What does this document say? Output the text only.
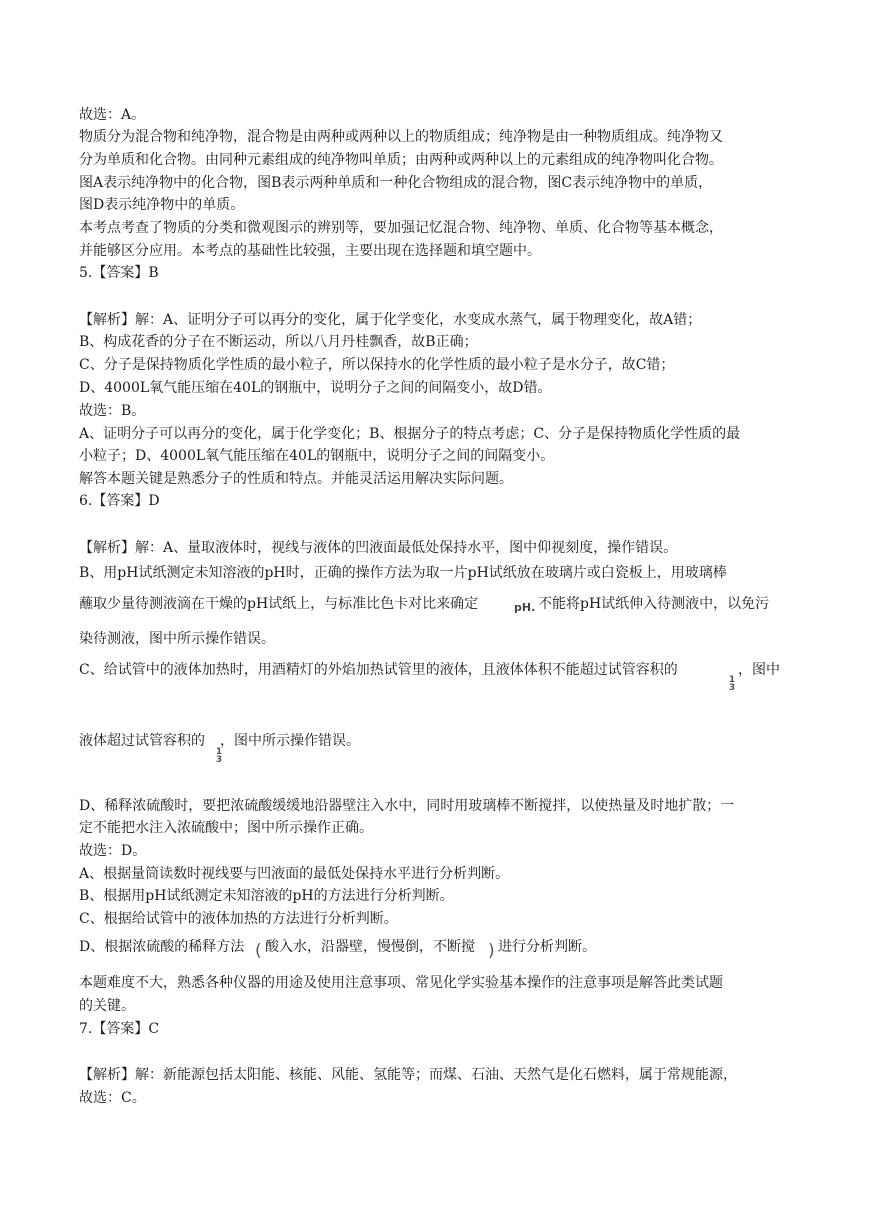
故选：A。
物质分为混合物和纯净物，混合物是由两种或两种以上的物质组成；纯净物是由一种物质组成。纯净物又
分为单质和化合物。由同种元素组成的纯净物叫单质；由两种或两种以上的元素组成的纯净物叫化合物。
图A表示纯净物中的化合物，图B表示两种单质和一种化合物组成的混合物，图C表示纯净物中的单质，
图D表示纯净物中的单质。
本考点考查了物质的分类和微观图示的辨别等，要加强记忆混合物、纯净物、单质、化合物等基本概念，
并能够区分应用。本考点的基础性比较强，主要出现在选择题和填空题中。
5.【答案】B
【解析】解：A、证明分子可以再分的变化，属于化学变化，水变成水蒸气，属于物理变化，故A错；
B、构成花香的分子在不断运动，所以八月丹桂飘香，故B正确；
C、分子是保持物质化学性质的最小粒子，所以保持水的化学性质的最小粒子是水分子，故C错；
D、4000L氧气能压缩在40L的钢瓶中，说明分子之间的间隔变小，故D错。
故选：B。
A、证明分子可以再分的变化，属于化学变化；B、根据分子的特点考虑；C、分子是保持物质化学性质的最
小粒子；D、4000L氧气能压缩在40L的钢瓶中，说明分子之间的间隔变小。
解答本题关键是熟悉分子的性质和特点。并能灵活运用解决实际问题。
6.【答案】D
【解析】解：A、量取液体时，视线与液体的凹液面最低处保持水平，图中仰视刻度，操作错误。
B、用pH试纸测定未知溶液的pH时，正确的操作方法为取一片pH试纸放在玻璃片或白瓷板上，用玻璃棒
蘸取少量待测液滴在干燥的pH试纸上，与标准比色卡对比来确定	pH. 不能将pH试纸伸入待测液中，以免污
染待测液，图中所示操作错误。
C、给试管中的液体加热时，用酒精灯的外焰加热试管里的液体，且液体体积不能超过试管容积的
1
3
，图中
液体超过试管容积的
1
3
，图中所示操作错误。
D、稀释浓硫酸时，要把浓硫酸缓缓地沿器壁注入水中，同时用玻璃棒不断搅拌，以使热量及时地扩散；一
定不能把水注入浓硫酸中；图中所示操作正确。
故选：D。
A、根据量筒读数时视线要与凹液面的最低处保持水平进行分析判断。
B、根据用pH试纸测定未知溶液的pH的方法进行分析判断。
C、根据给试管中的液体加热的方法进行分析判断。
D、根据浓硫酸的稀释方法 ( 酸入水，沿器壁，慢慢倒，不断搅 ) 进行分析判断。
本题难度不大，熟悉各种仪器的用途及使用注意事项、常见化学实验基本操作的注意事项是解答此类试题
的关键。
7.【答案】C
【解析】解：新能源包括太阳能、核能、风能、氢能等；而煤、石油、天然气是化石燃料，属于常规能源，
故选：C。
